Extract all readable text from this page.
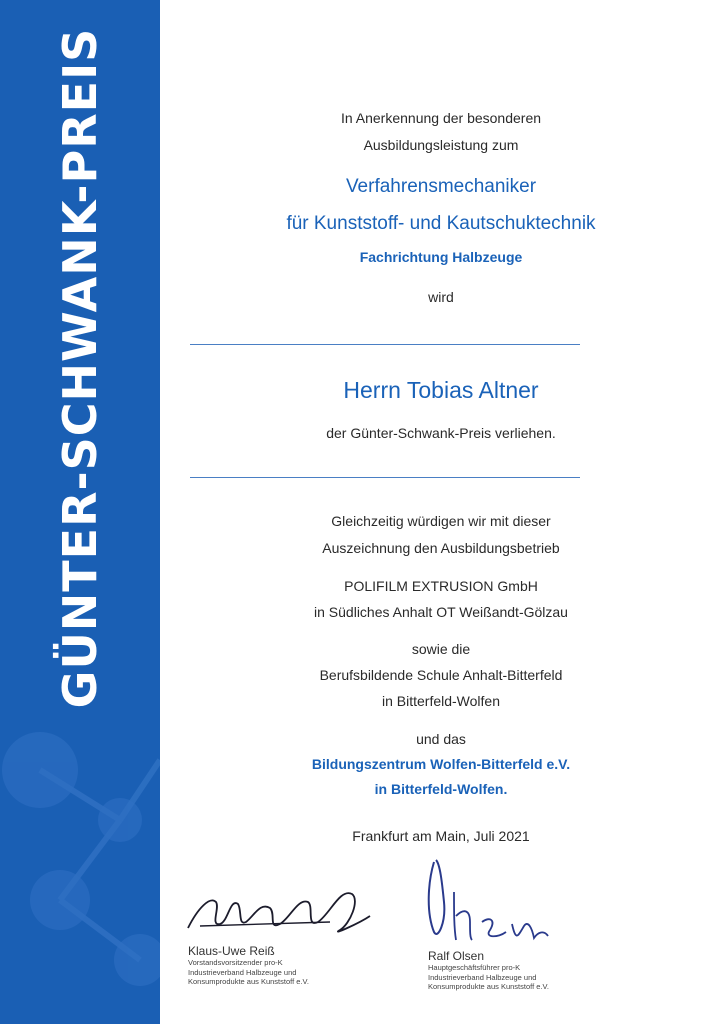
GÜNTER-SCHWANK-PREIS	In Anerkennung der besonderen

Ausbildungsleistung zum

Verfahrensmechaniker

für Kunststoff- und Kautschuktechnik

Fachrichtung Halbzeuge

wird

Herrn Tobias Altner

der Günter-Schwank-Preis verliehen.

Gleichzeitig würdigen wir mit dieser

Auszeichnung den Ausbildungsbetrieb

POLIFILM EXTRUSION GmbH

in Südliches Anhalt OT Weißandt-Gölzau

sowie die

Berufsbildende Schule Anhalt-Bitterfeld

in Bitterfeld-Wolfen

und das

Bildungszentrum Wolfen-Bitterfeld e.V.

in Bitterfeld-Wolfen.

Frankfurt am Main, Juli 2021

Klaus-Uwe Reiß
Vorstandsvorsitzender pro-K
Industrieverband Halbzeuge und
Konsumprodukte aus Kunststoff e.V.
Ralf Olsen
Hauptgeschäftsführer pro-K
Industrieverband Halbzeuge und
Konsumprodukte aus Kunststoff e.V.
